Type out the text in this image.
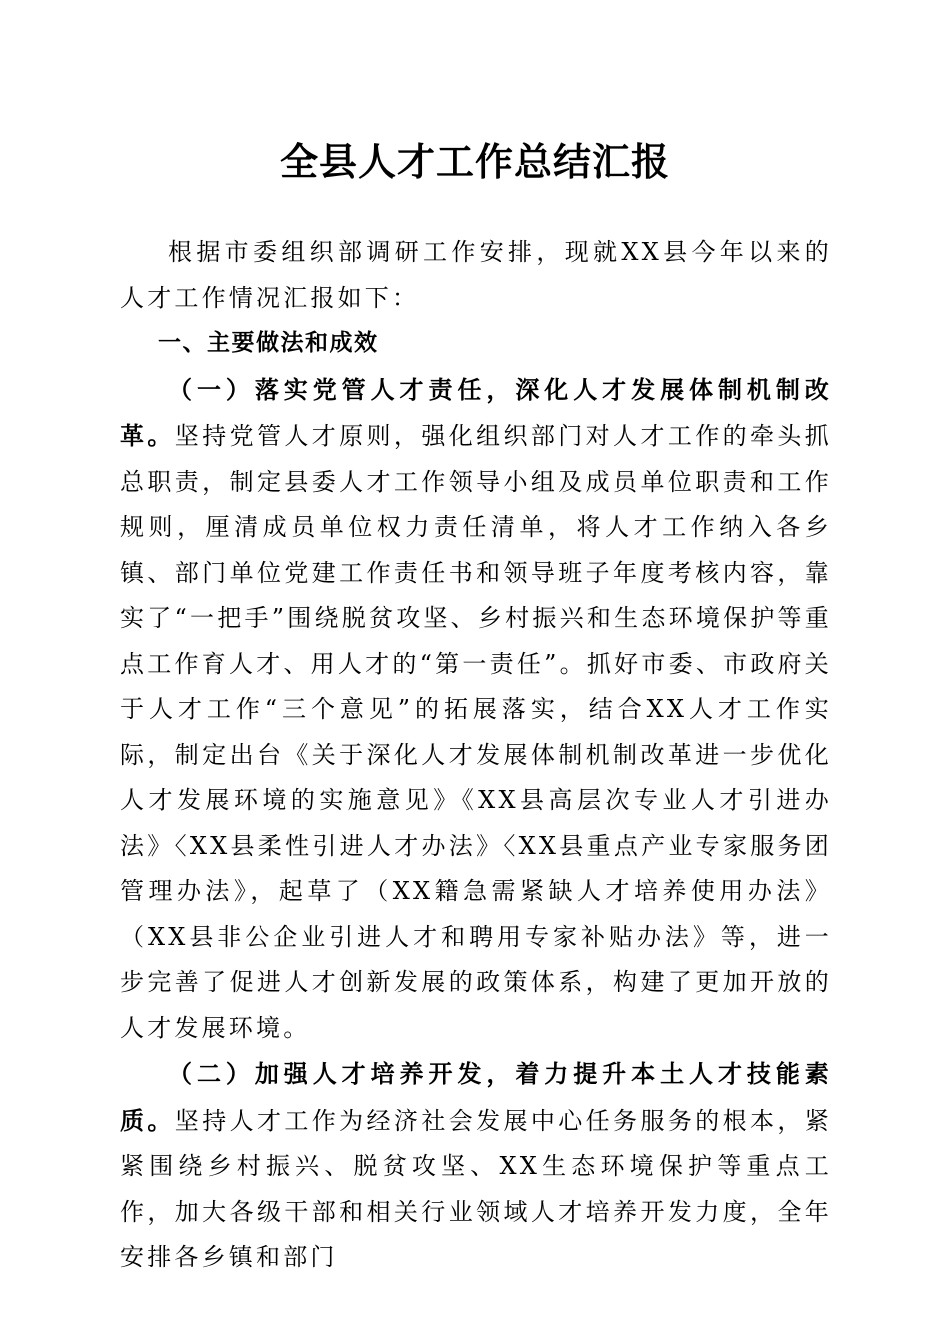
全县人才工作总结汇报

根据市委组织部调研工作安排，现就XX县今年以来的人才工作情况汇报如下：

一、主要做法和成效

（一）落实党管人才责任，深化人才发展体制机制改革。坚持党管人才原则，强化组织部门对人才工作的牵头抓总职责，制定县委人才工作领导小组及成员单位职责和工作规则，厘清成员单位权力责任清单，将人才工作纳入各乡镇、部门单位党建工作责任书和领导班子年度考核内容，靠实了“一把手”围绕脱贫攻坚、乡村振兴和生态环境保护等重点工作育人才、用人才的“第一责任”。抓好市委、市政府关于人才工作“三个意见”的拓展落实，结合XX人才工作实际，制定出台《关于深化人才发展体制机制改革进一步优化人才发展环境的实施意见》《XX县高层次专业人才引进办法》〈XX县柔性引进人才办法》〈XX县重点产业专家服务团管理办法》，起草了（XX籍急需紧缺人才培养使用办法》（XX县非公企业引进人才和聘用专家补贴办法》等，进一步完善了促进人才创新发展的政策体系，构建了更加开放的人才发展环境。

（二）加强人才培养开发，着力提升本土人才技能素质。坚持人才工作为经济社会发展中心任务服务的根本，紧紧围绕乡村振兴、脱贫攻坚、XX生态环境保护等重点工作，加大各级干部和相关行业领域人才培养开发力度，全年安排各乡镇和部门
